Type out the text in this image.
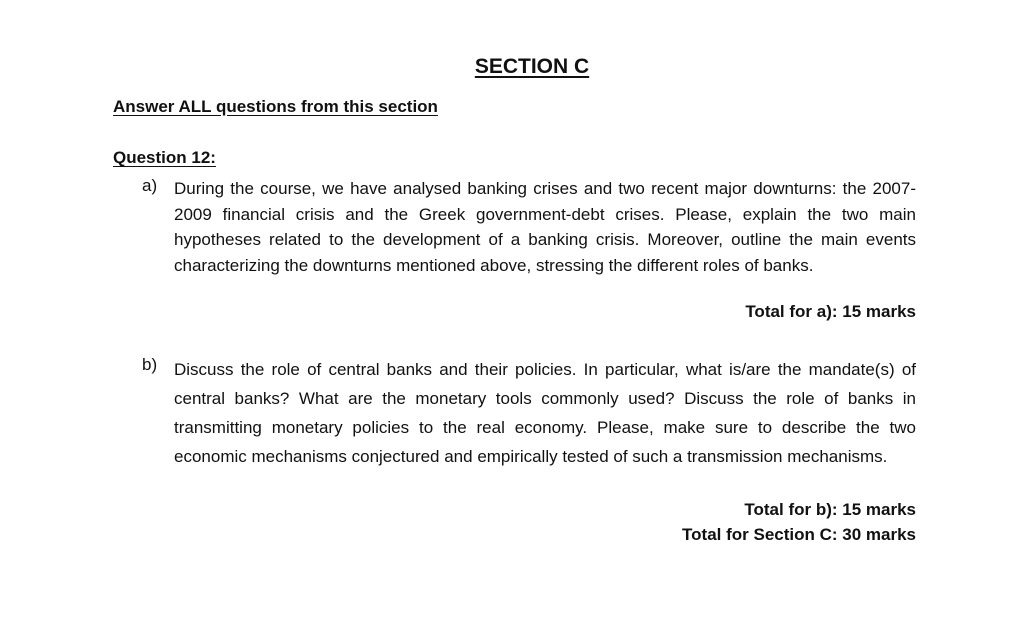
SECTION C
Answer ALL questions from this section
Question 12:
a) During the course, we have analysed banking crises and two recent major downturns: the 2007-2009 financial crisis and the Greek government-debt crises. Please, explain the two main hypotheses related to the development of a banking crisis. Moreover, outline the main events characterizing the downturns mentioned above, stressing the different roles of banks.
Total for a): 15 marks
b) Discuss the role of central banks and their policies. In particular, what is/are the mandate(s) of central banks? What are the monetary tools commonly used? Discuss the role of banks in transmitting monetary policies to the real economy. Please, make sure to describe the two economic mechanisms conjectured and empirically tested of such a transmission mechanisms.
Total for b): 15 marks
Total for Section C: 30 marks
